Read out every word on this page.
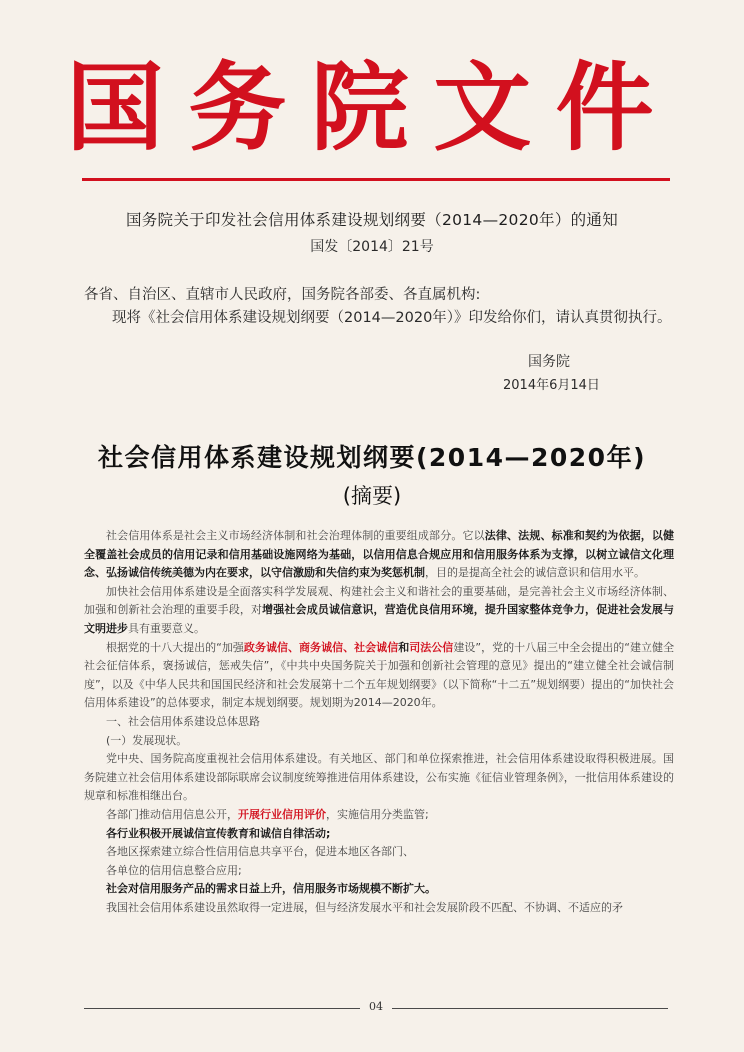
国务院文件
国务院关于印发社会信用体系建设规划纲要（2014—2020年）的通知
国发〔2014〕21号
各省、自治区、直辖市人民政府，国务院各部委、各直属机构:
现将《社会信用体系建设规划纲要（2014—2020年）》印发给你们，请认真贯彻执行。
国务院
2014年6月14日
社会信用体系建设规划纲要(2014—2020年)
(摘要)

社会信用体系是社会主义市场经济体制和社会治理体制的重要组成部分。它以法律、法规、标准和契约为依据，以健全覆盖社会成员的信用记录和信用基础设施网络为基础，以信用信息合规应用和信用服务体系为支撑，以树立诚信文化理念、弘扬诚信传统美德为内在要求，以守信激励和失信约束为奖惩机制，目的是提高全社会的诚信意识和信用水平。

加快社会信用体系建设是全面落实科学发展观、构建社会主义和谐社会的重要基础，是完善社会主义市场经济体制、加强和创新社会治理的重要手段，对增强社会成员诚信意识，营造优良信用环境，提升国家整体竞争力，促进社会发展与文明进步具有重要意义。

根据党的十八大提出的“加强政务诚信、商务诚信、社会诚信和司法公信建设”，党的十八届三中全会提出的“建立健全社会征信体系，褒扬诚信，惩戒失信”，《中共中央国务院关于加强和创新社会管理的意见》提出的“建立健全社会诚信制度”，以及《中华人民共和国国民经济和社会发展第十二个五年规划纲要》（以下简称“十二五”规划纲要）提出的“加快社会信用体系建设”的总体要求，制定本规划纲要。规划期为2014—2020年。

一、社会信用体系建设总体思路

(一）发展现状。

党中央、国务院高度重视社会信用体系建设。有关地区、部门和单位探索推进，社会信用体系建设取得积极进展。国务院建立社会信用体系建设部际联席会议制度统筹推进信用体系建设，公布实施《征信业管理条例》，一批信用体系建设的规章和标准相继出台。

各部门推动信用信息公开，开展行业信用评价，实施信用分类监管;

各行业积极开展诚信宣传教育和诚信自律活动;

各地区探索建立综合性信用信息共享平台，促进本地区各部门、

各单位的信用信息整合应用;

社会对信用服务产品的需求日益上升，信用服务市场规模不断扩大。

我国社会信用体系建设虽然取得一定进展，但与经济发展水平和社会发展阶段不匹配、不协调、不适应的矛

04
